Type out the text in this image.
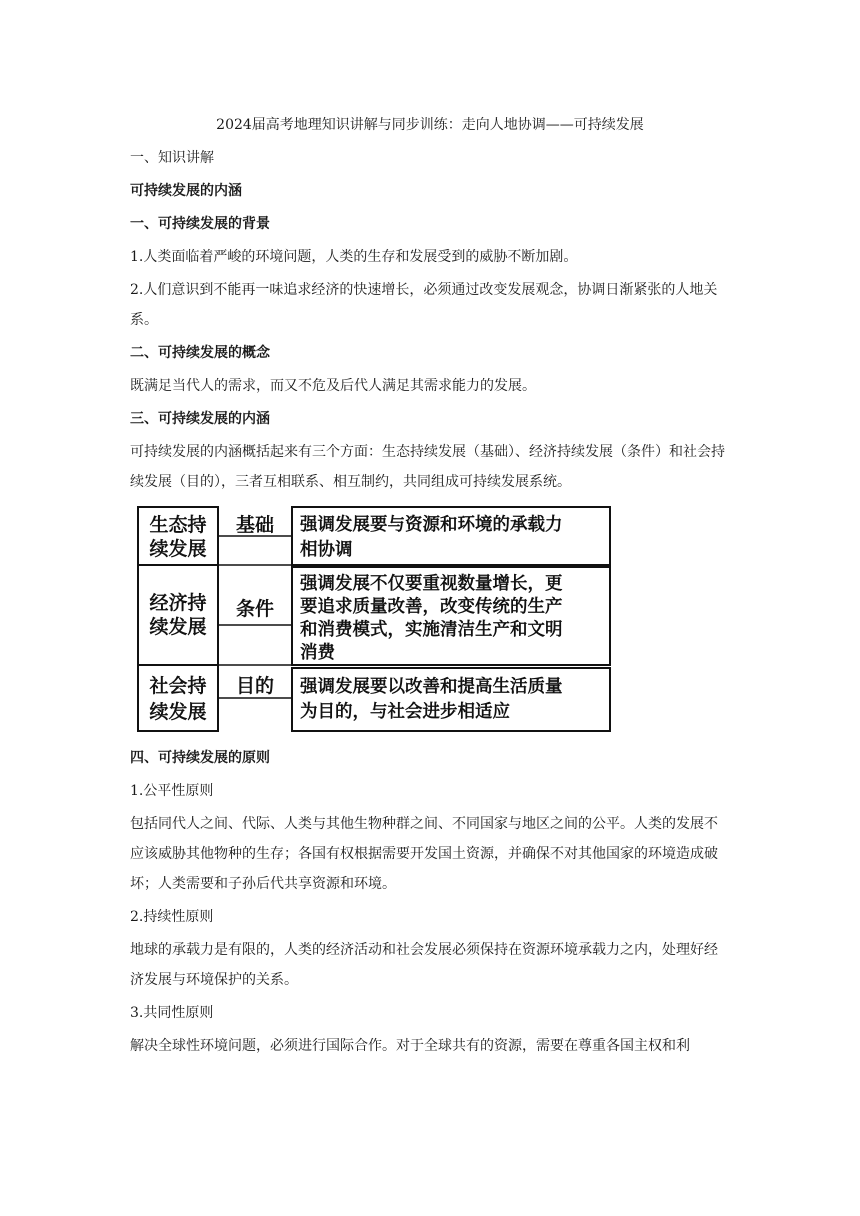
2024届高考地理知识讲解与同步训练：走向人地协调——可持续发展

一、知识讲解

可持续发展的内涵

一、可持续发展的背景

1.人类面临着严峻的环境问题，人类的生存和发展受到的威胁不断加剧。

2.人们意识到不能再一味追求经济的快速增长，必须通过改变发展观念，协调日渐紧张的人地关系。

二、可持续发展的概念

既满足当代人的需求，而又不危及后代人满足其需求能力的发展。

三、可持续发展的内涵

可持续发展的内涵概括起来有三个方面：生态持续发展（基础）、经济持续发展（条件）和社会持续发展（目的），三者互相联系、相互制约，共同组成可持续发展系统。

生态持
续发展
经济持
续发展
社会持
续发展
基础
条件
目的
强调发展要与资源和环境的承载力
相协调
强调发展不仅要重视数量增长，更
要追求质量改善，改变传统的生产
和消费模式，实施清洁生产和文明
消费
强调发展要以改善和提高生活质量
为目的，与社会进步相适应

四、可持续发展的原则

1.公平性原则

包括同代人之间、代际、人类与其他生物种群之间、不同国家与地区之间的公平。人类的发展不应该威胁其他物种的生存；各国有权根据需要开发国土资源，并确保不对其他国家的环境造成破坏；人类需要和子孙后代共享资源和环境。

2.持续性原则

地球的承载力是有限的，人类的经济活动和社会发展必须保持在资源环境承载力之内，处理好经济发展与环境保护的关系。

3.共同性原则

解决全球性环境问题，必须进行国际合作。对于全球共有的资源，需要在尊重各国主权和利
